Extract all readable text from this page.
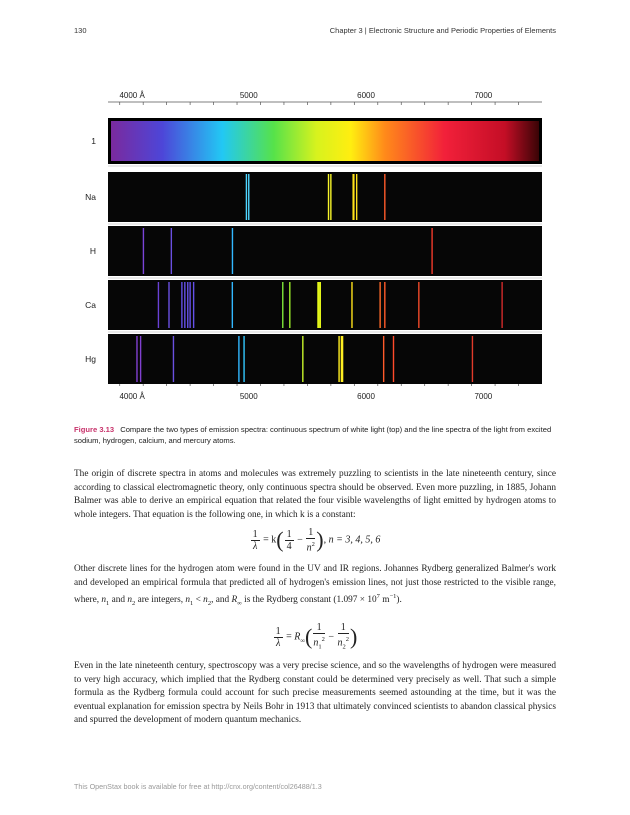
130	Chapter 3 | Electronic Structure and Periodic Properties of Elements
4000 Å	5000	6000	7000
4000 Å	5000	6000	7000
1
Na
H
Ca
Hg
Figure 3.13 Compare the two types of emission spectra: continuous spectrum of white light (top) and the line spectra of the light from excited sodium, hydrogen, calcium, and mercury atoms.

The origin of discrete spectra in atoms and molecules was extremely puzzling to scientists in the late nineteenth century, since according to classical electromagnetic theory, only continuous spectra should be observed. Even more puzzling, in 1885, Johann Balmer was able to derive an empirical equation that related the four visible wavelengths of light emitted by hydrogen atoms to whole integers. That equation is the following one, in which k is a constant:

$\frac{1}{\lambda} = k( \frac{1}{4} - \frac{1}{n^2}$ ), n = 3, 4, 5, 6

Other discrete lines for the hydrogen atom were found in the UV and IR regions. Johannes Rydberg generalized Balmer's work and developed an empirical formula that predicted all of hydrogen's emission lines, not just those restricted to the visible range, where, $n_1$ and $n_2$ are integers, $n_1 < n_2$, and $R_\infty$ is the Rydberg constant ($1.097 \times 10^7$ $m^{-1}$).

$\frac{1}{\lambda} = R_\infty( \frac{1}{n_1^2} - \frac{1}{n_2^2}$ )

Even in the late nineteenth century, spectroscopy was a very precise science, and so the wavelengths of hydrogen were measured to very high accuracy, which implied that the Rydberg constant could be determined very precisely as well. That such a simple formula as the Rydberg formula could account for such precise measurements seemed astounding at the time, but it was the eventual explanation for emission spectra by Neils Bohr in 1913 that ultimately convinced scientists to abandon classical physics and spurred the development of modern quantum mechanics.

This OpenStax book is available for free at http://cnx.org/content/col26488/1.3
